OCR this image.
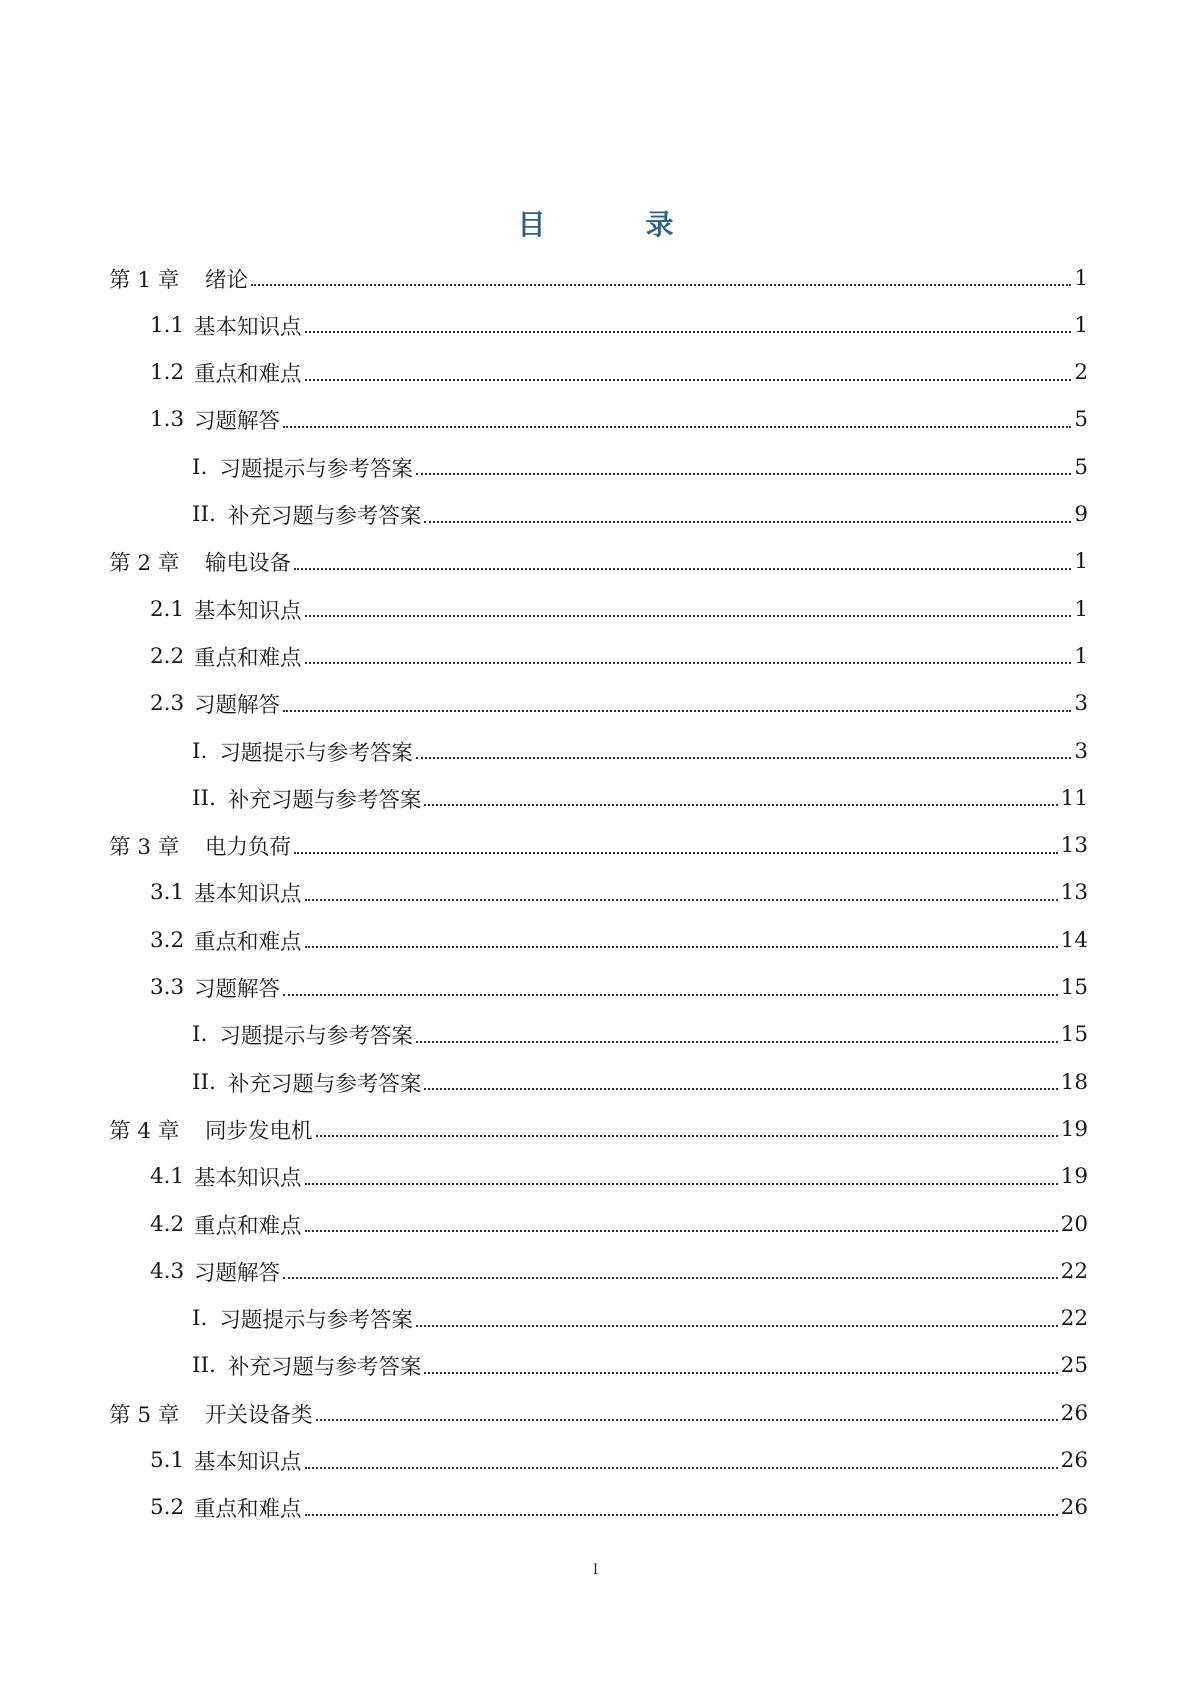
目　录
第 1 章	绪论	1
1.1 基本知识点	1
1.2 重点和难点	2
1.3 习题解答	5
I. 习题提示与参考答案	5
II. 补充习题与参考答案	9
第 2 章	输电设备	1
2.1 基本知识点	1
2.2 重点和难点	1
2.3 习题解答	3
I. 习题提示与参考答案	3
II. 补充习题与参考答案	11
第 3 章	电力负荷	13
3.1 基本知识点	13
3.2 重点和难点	14
3.3 习题解答	15
I. 习题提示与参考答案	15
II. 补充习题与参考答案	18
第 4 章	同步发电机	19
4.1 基本知识点	19
4.2 重点和难点	20
4.3 习题解答	22
I. 习题提示与参考答案	22
II. 补充习题与参考答案	25
第 5 章	开关设备类	26
5.1 基本知识点	26
5.2 重点和难点	26
I
